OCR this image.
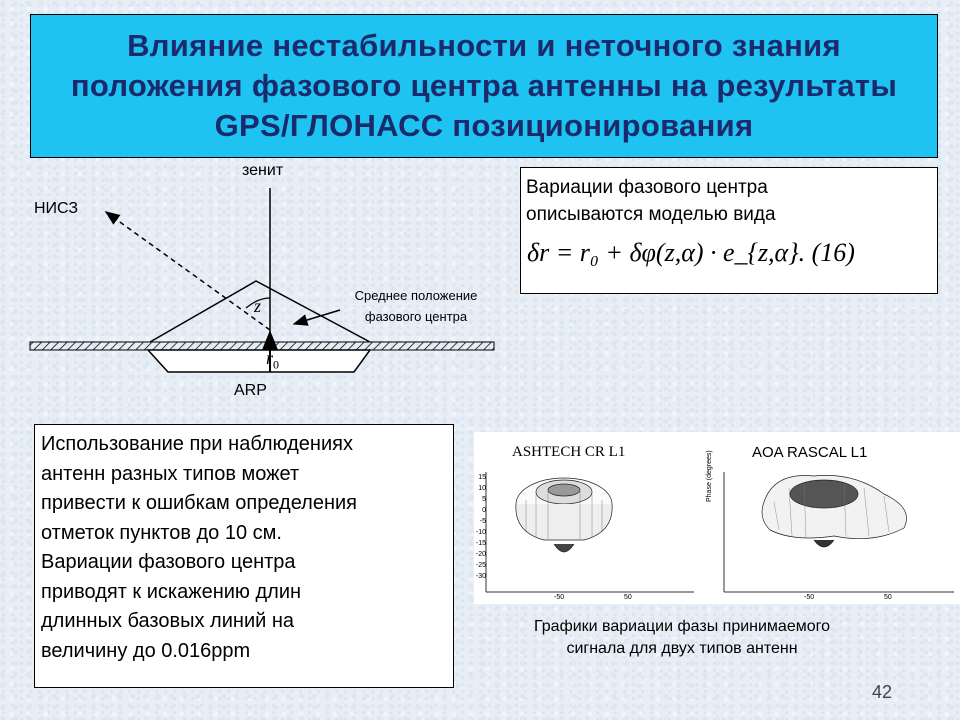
Влияние нестабильности и неточного знания
положения фазового центра антенны на результаты
GPS/ГЛОНАСС позиционирования
зенит
НИСЗ
z
$\overline{r}_0$
Среднее положение
фазового центра
ARP
Вариации фазового центра
описываются моделью вида
δr = r₀ + δφ(z,α) · e_{z,α}. (16)
Использование при наблюдениях
антенн разных типов может
привести к ошибкам определения
отметок пунктов до 10 см.
Вариации фазового центра
приводят к искажению длин
длинных базовых линий на
величину до 0.016ppm
ASHTECH CR L1	AOA RASCAL L1
15
10
5
0
-5
-10
-15
-20
-25
-30
Phase (degrees)
-50	50	-50	50
Графики вариации фазы принимаемого
сигнала для двух типов антенн
42
